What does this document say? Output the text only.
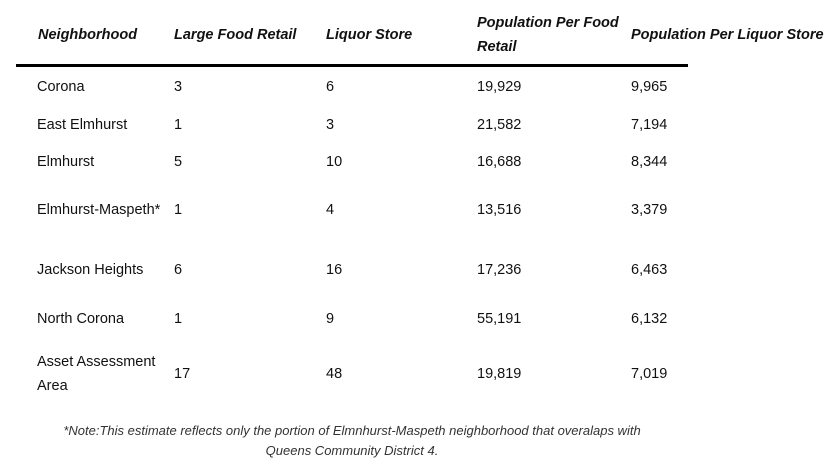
Neighborhood	Large Food Retail	Liquor Store	Population Per Food Retail	Population Per Liquor Store
Corona	3	6	19,929	9,965
East Elmhurst	1	3	21,582	7,194
Elmhurst	5	10	16,688	8,344
Elmhurst-Maspeth*	1	4	13,516	3,379
Jackson Heights	6	16	17,236	6,463
North Corona	1	9	55,191	6,132
Asset Assessment Area	17	48	19,819	7,019
*Note:This estimate reflects only the portion of Elmnhurst-Maspeth neighborhood that overalaps with
Queens Community District 4.
